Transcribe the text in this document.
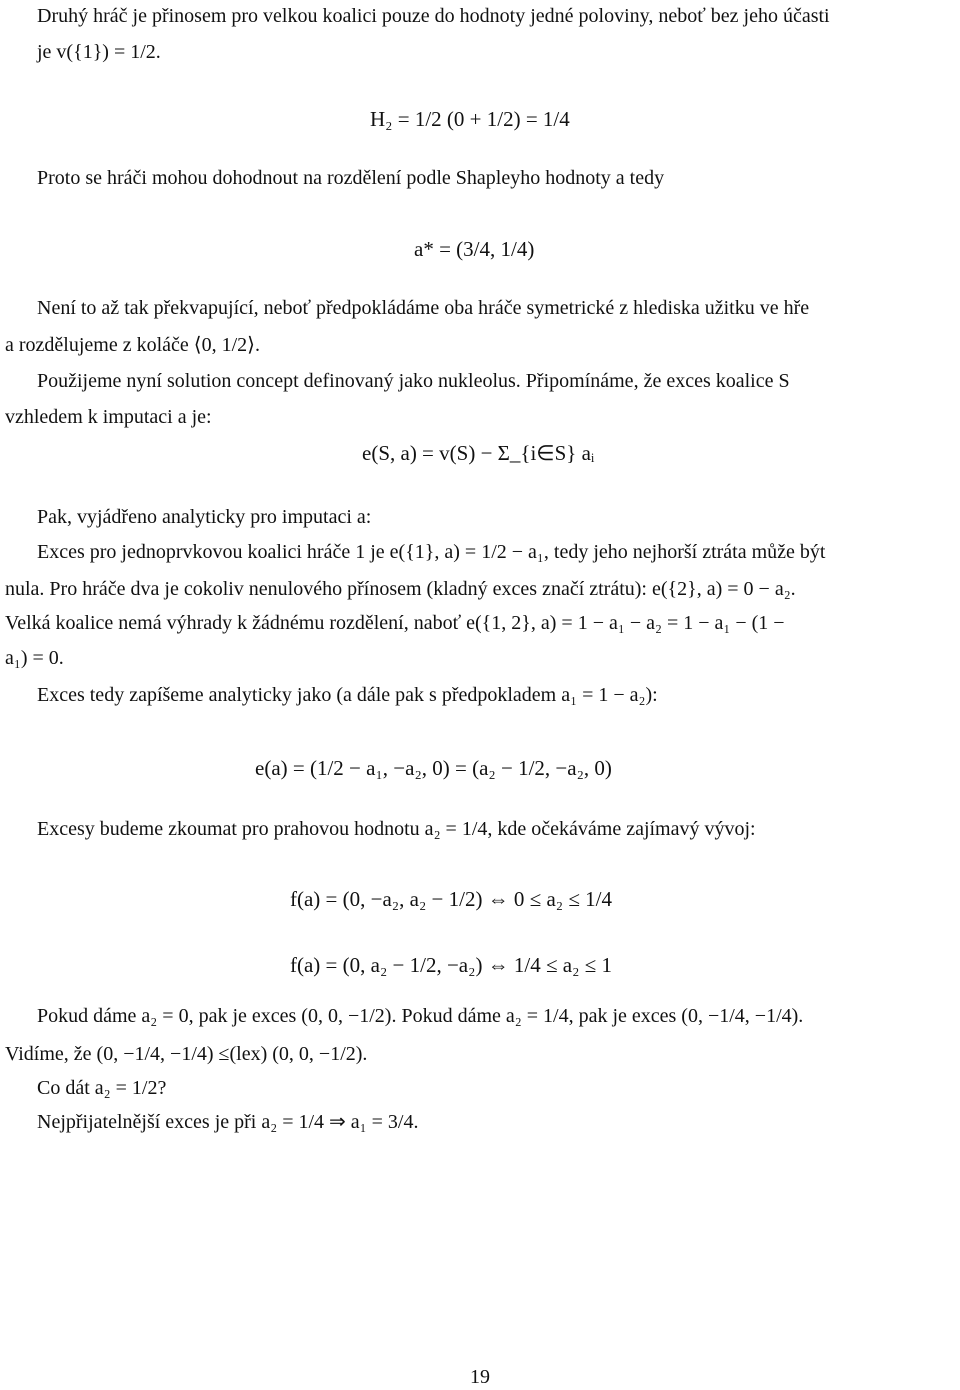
Druhý hráč je přinosem pro velkou koalici pouze do hodnoty jedné poloviny, neboť bez jeho účasti
je v({1}) = 1/2.
H₂ = 1/2 (0 + 1/2) = 1/4
Proto se hráči mohou dohodnout na rozdělení podle Shapleyho hodnoty a tedy
a* = (3/4, 1/4)
Není to až tak překvapující, neboť předpokládáme oba hráče symetrické z hlediska užitku ve hře
a rozdělujeme z koláče ⟨0, 1/2⟩.
Použijeme nyní solution concept definovaný jako nukleolus. Připomínáme, že exces koalice S
vzhledem k imputaci a je:
e(S, a) = v(S) − Σ_{i∈S} aᵢ
Pak, vyjádřeno analyticky pro imputaci a:
Exces pro jednoprvkovou koalici hráče 1 je e({1}, a) = 1/2 − a₁, tedy jeho nejhorší ztráta může být
nula. Pro hráče dva je cokoliv nenulového přínosem (kladný exces značí ztrátu): e({2}, a) = 0 − a₂.
Velká koalice nemá výhrady k žádnému rozdělení, naboť e({1, 2}, a) = 1 − a₁ − a₂ = 1 − a₁ − (1 −
a₁) = 0.
Exces tedy zapíšeme analyticky jako (a dále pak s předpokladem a₁ = 1 − a₂):
e(a) = (1/2 − a₁, −a₂, 0) = (a₂ − 1/2, −a₂, 0)
Excesy budeme zkoumat pro prahovou hodnotu a₂ = 1/4, kde očekáváme zajímavý vývoj:
f(a) = (0, −a₂, a₂ − 1/2) ⇔ 0 ≤ a₂ ≤ 1/4
f(a) = (0, a₂ − 1/2, −a₂) ⇔ 1/4 ≤ a₂ ≤ 1
Pokud dáme a₂ = 0, pak je exces (0, 0, −1/2). Pokud dáme a₂ = 1/4, pak je exces (0, −1/4, −1/4).
Vidíme, že (0, −1/4, −1/4) ≤(lex) (0, 0, −1/2).
Co dát a₂ = 1/2?
Nejpřijatelnější exces je při a₂ = 1/4 ⇒ a₁ = 3/4.
19
